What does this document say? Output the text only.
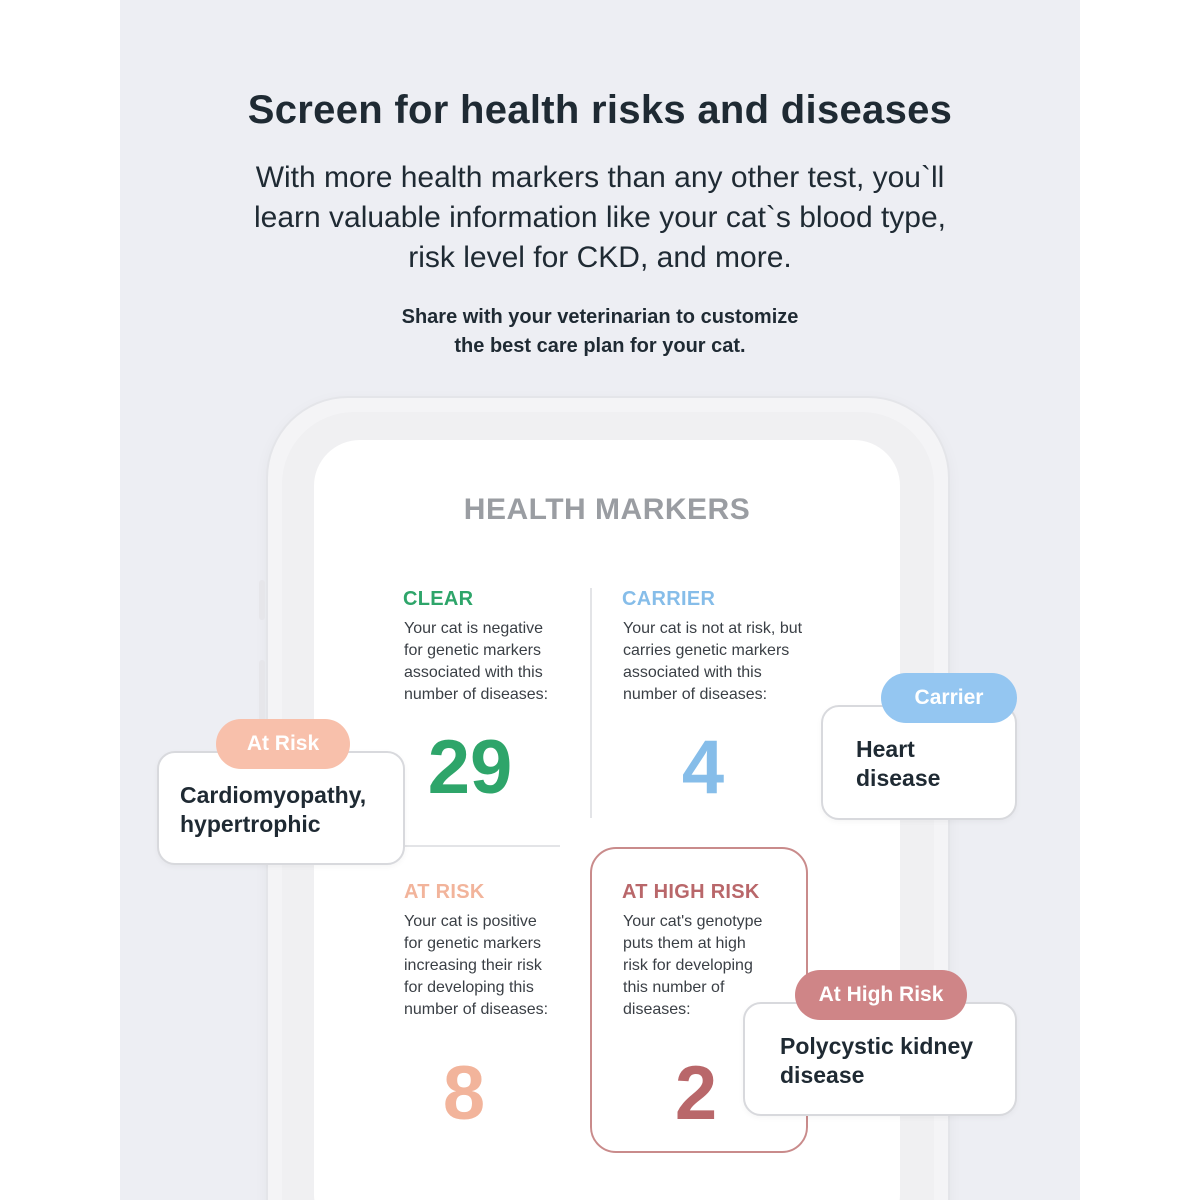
Screen for health risks and diseases
With more health markers than any other test, you`ll
learn valuable information like your cat`s blood type,
risk level for CKD, and more.
Share with your veterinarian to customize
the best care plan for your cat.
HEALTH MARKERS
CLEAR
Your cat is negative
for genetic markers
associated with this
number of diseases:
29
CARRIER
Your cat is not at risk, but
carries genetic markers
associated with this
number of diseases:
4
AT RISK
Your cat is positive
for genetic markers
increasing their risk
for developing this
number of diseases:
8
AT HIGH RISK
Your cat's genotype
puts them at high
risk for developing
this number of
diseases:
2
Cardiomyopathy,
hypertrophic
At Risk	Heart
disease
Carrier
Polycystic kidney
disease
At High Risk
